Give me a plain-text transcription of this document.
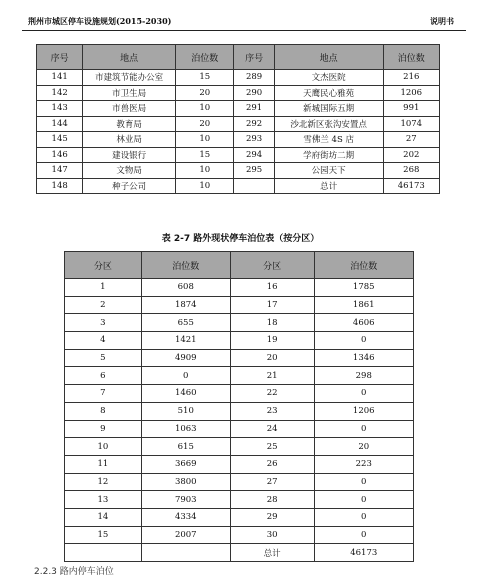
荆州市城区停车设施规划(2015-2030)	说明书
序号	地点	泊位数	序号	地点	泊位数
141	市建筑节能办公室	15	289	文杰医院	216
142	市卫生局	20	290	天鹰民心雅苑	1206
143	市兽医局	10	291	新城国际五期	991
144	教育局	20	292	沙北新区张沟安置点	1074
145	林业局	10	293	雪佛兰 4S 店	27
146	建设银行	15	294	学府街坊二期	202
147	文物局	10	295	公园天下	268
148	种子公司	10		总计	46173
表 2-7 路外现状停车泊位表（按分区）
分区	泊位数	分区	泊位数
1	608	16	1785
2	1874	17	1861
3	655	18	4606
4	1421	19	0
5	4909	20	1346
6	0	21	298
7	1460	22	0
8	510	23	1206
9	1063	24	0
10	615	25	20
11	3669	26	223
12	3800	27	0
13	7903	28	0
14	4334	29	0
15	2007	30	0
		总计	46173
2.2.3 路内停车泊位
